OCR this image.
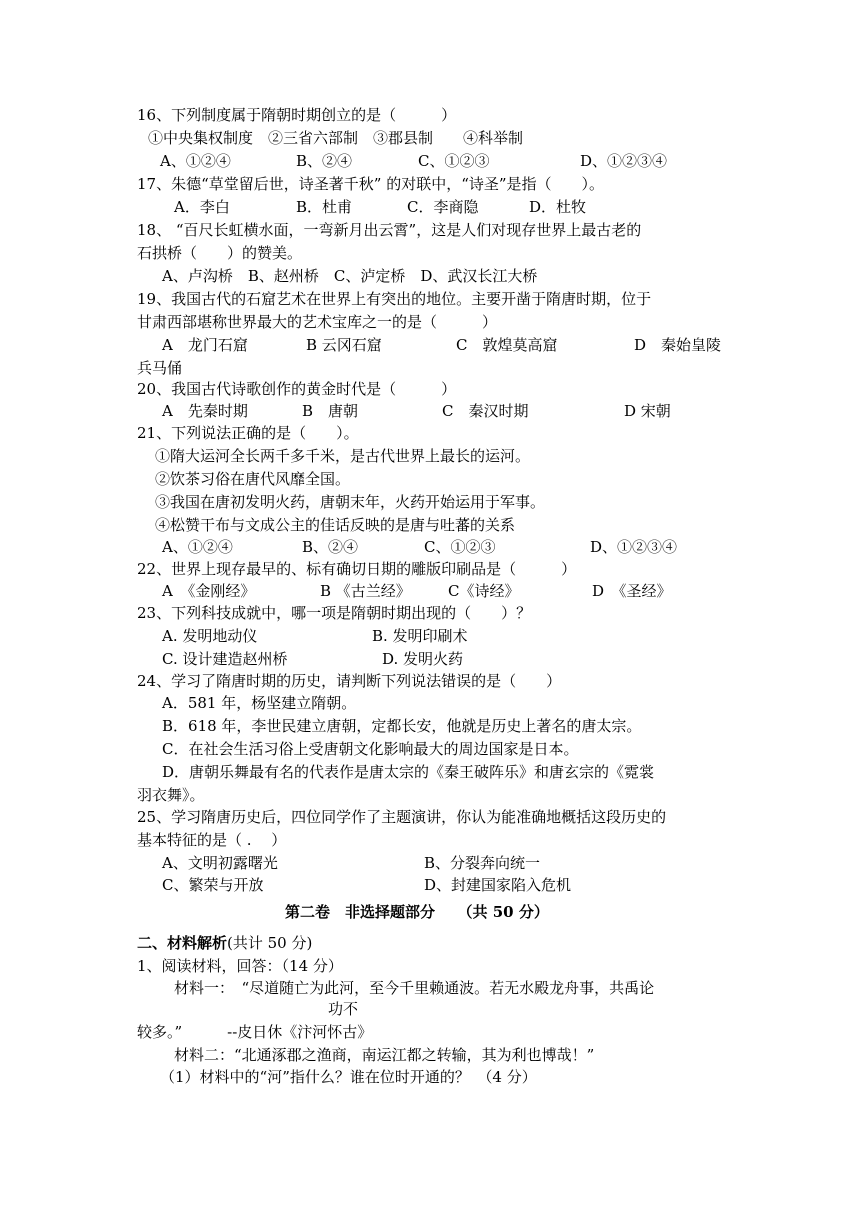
16、下列制度属于隋朝时期创立的是（　　　）
①中央集权制度　②三省六部制　③郡县制　　④科举制
A、①②④	B、②④	C、①②③	D、①②③④
17、朱德“草堂留后世，诗圣著千秋” 的对联中，“诗圣”是指（　　）。
A．李白	B．杜甫	C．李商隐	D．杜牧
18、 “百尺长虹横水面，一弯新月出云霄”，这是人们对现存世界上最古老的
石拱桥（　　）的赞美。
A、卢沟桥　B、赵州桥　C、泸定桥　D、武汉长江大桥
19、我国古代的石窟艺术在世界上有突出的地位。主要开凿于隋唐时期，位于
甘肃西部堪称世界最大的艺术宝库之一的是（　　　）
A　龙门石窟	B 云冈石窟	C　敦煌莫高窟	D　秦始皇陵
兵马俑
20、我国古代诗歌创作的黄金时代是（　　　）
A　先秦时期	B　唐朝	C　秦汉时期	D 宋朝
21、下列说法正确的是（　　）。
①隋大运河全长两千多千米，是古代世界上最长的运河。
②饮茶习俗在唐代风靡全国。
③我国在唐初发明火药，唐朝末年，火药开始运用于军事。
④松赞干布与文成公主的佳话反映的是唐与吐蕃的关系
A、①②④	B、②④	C、①②③	D、①②③④
22、世界上现存最早的、标有确切日期的雕版印刷品是（　　　）
A　《金刚经》	B 《古兰经》 C《诗经》	D　《圣经》
23、下列科技成就中，哪一项是隋朝时期出现的（　　）？
A. 发明地动仪	B. 发明印刷术
C. 设计建造赵州桥	D. 发明火药
24、学习了隋唐时期的历史，请判断下列说法错误的是（　　）
A．581 年，杨坚建立隋朝。
B．618 年，李世民建立唐朝，定都长安，他就是历史上著名的唐太宗。
C．在社会生活习俗上受唐朝文化影响最大的周边国家是日本。
D．唐朝乐舞最有名的代表作是唐太宗的《秦王破阵乐》和唐玄宗的《霓裳
羽衣舞》。
25、学习隋唐历史后，四位同学作了主题演讲，你认为能准确地概括这段历史的
基本特征的是（ . 　）
A、文明初露曙光	B、分裂奔向统一
C、繁荣与开放	D、封建国家陷入危机
第二卷　非选择题部分　　（共 50 分）
二、材料解析(共计 50 分)
1、阅读材料，回答：（14 分）
材料一：　“尽道随亡为此河，至今千里赖通波。若无水殿龙舟事，共禹论
功不
较多。”　　　--皮日休《汴河怀古》
材料二：“北通涿郡之渔商，南运江都之转输，其为利也博哉！”
（1）材料中的“河”指什么？谁在位时开通的？　（4 分）
